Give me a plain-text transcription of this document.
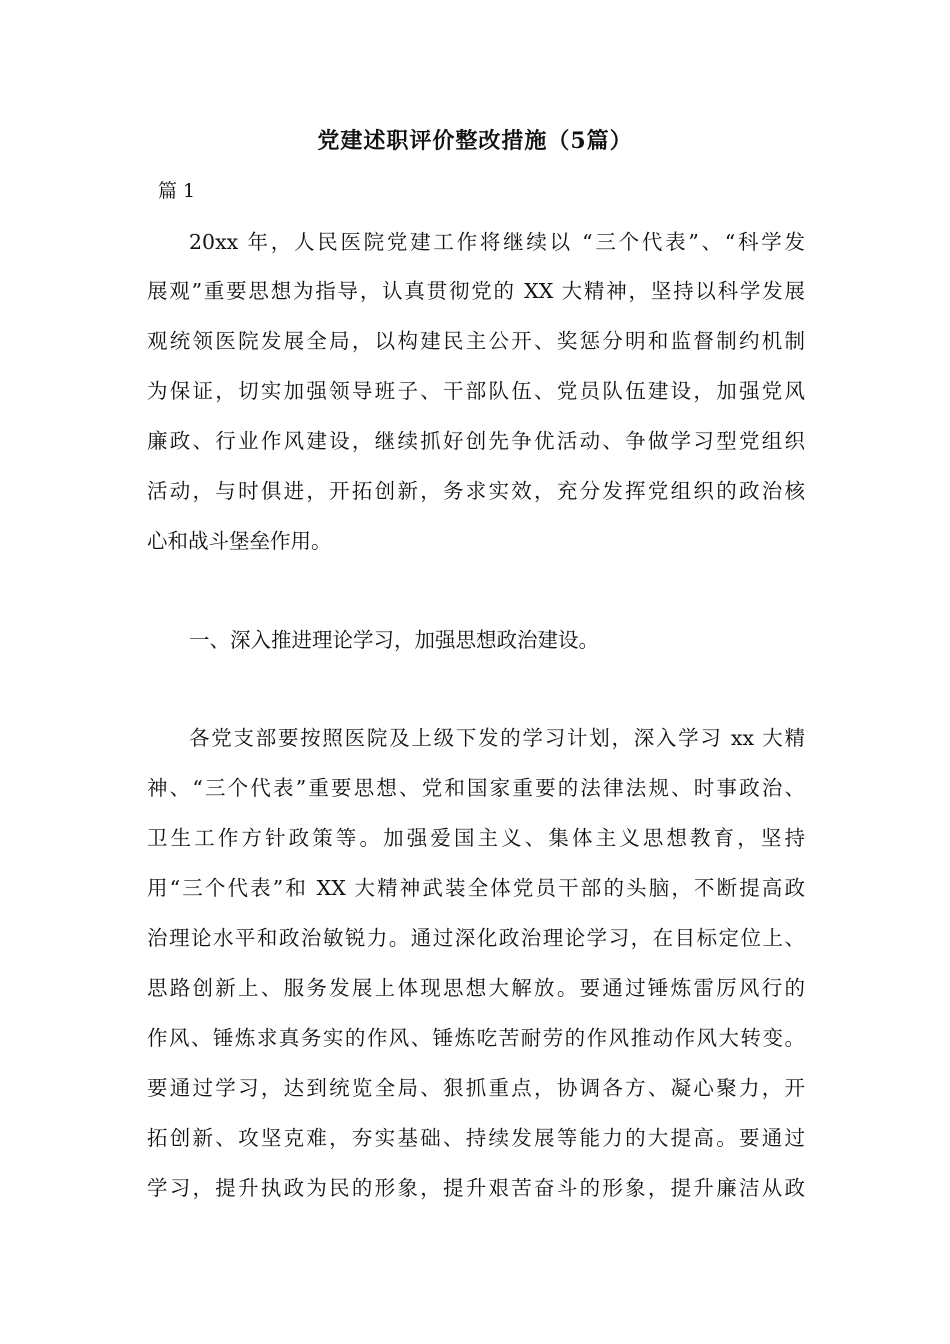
党建述职评价整改措施（5篇）
篇 1
20xx 年，人民医院党建工作将继续以 “三个代表”、“科学发
展观”重要思想为指导，认真贯彻党的 XX 大精神，坚持以科学发展
观统领医院发展全局，以构建民主公开、奖惩分明和监督制约机制
为保证，切实加强领导班子、干部队伍、党员队伍建设，加强党风
廉政、行业作风建设，继续抓好创先争优活动、争做学习型党组织
活动，与时俱进，开拓创新，务求实效，充分发挥党组织的政治核
心和战斗堡垒作用。
一、深入推进理论学习，加强思想政治建设。
各党支部要按照医院及上级下发的学习计划，深入学习 xx 大精
神、“三个代表”重要思想、党和国家重要的法律法规、时事政治、
卫生工作方针政策等。加强爱国主义、集体主义思想教育，坚持
用“三个代表”和 XX 大精神武装全体党员干部的头脑，不断提高政
治理论水平和政治敏锐力。通过深化政治理论学习，在目标定位上、
思路创新上、服务发展上体现思想大解放。要通过锤炼雷厉风行的
作风、锤炼求真务实的作风、锤炼吃苦耐劳的作风推动作风大转变。
要通过学习，达到统览全局、狠抓重点，协调各方、凝心聚力，开
拓创新、攻坚克难，夯实基础、持续发展等能力的大提高。要通过
学习，提升执政为民的形象，提升艰苦奋斗的形象，提升廉洁从政
